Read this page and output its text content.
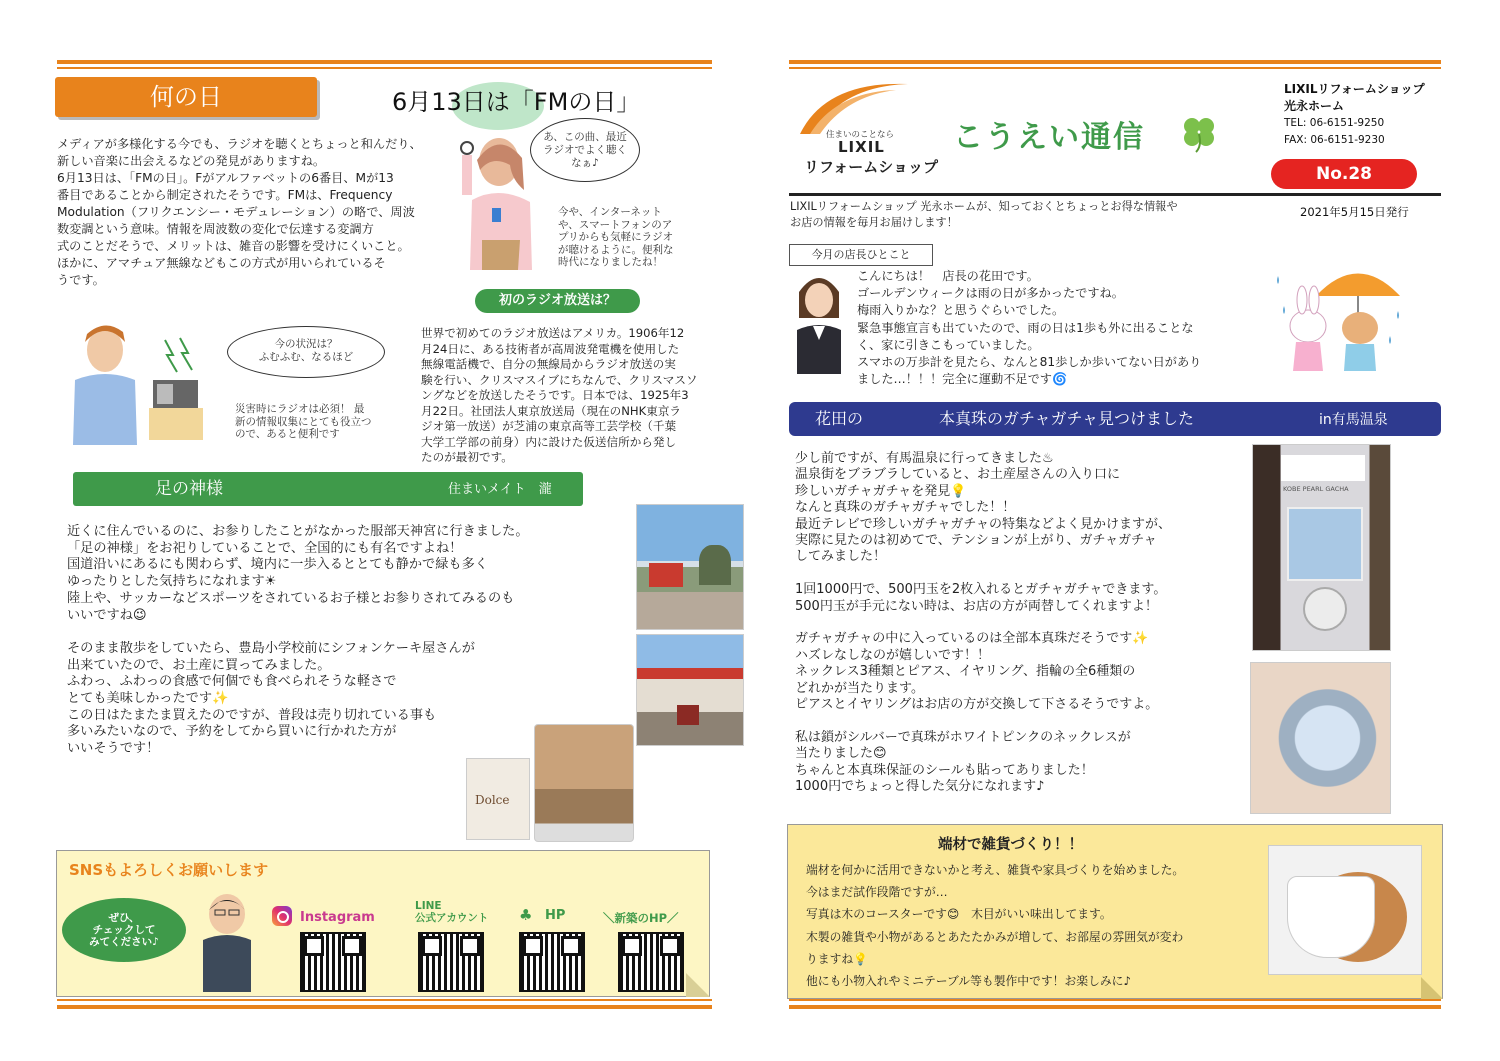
何の日	6月13日は「FMの日」
メディアが多様化する今でも、ラジオを聴くとちょっと和んだり、
新しい音楽に出会えるなどの発見がありますね。
6月13日は、「FMの日」。Fがアルファベットの6番目、Mが13
番目であることから制定されたそうです。FMは、Frequency
Modulation（フリクエンシー・モデュレーション）の略で、周波
数変調という意味。情報を周波数の変化で伝達する変調方
式のことだそうで、メリットは、雑音の影響を受けにくいこと。
ほかに、アマチュア無線などもこの方式が用いられているそ
うです。
あ、この曲、最近
ラジオでよく聴く
なぁ♪
今や、インターネット
や、スマートフォンのア
プリからも気軽にラジオ
が聴けるように。便利な
時代になりましたね！
初のラジオ放送は？
今の状況は？
ふむふむ、なるほど
災害時にラジオは必須！ 最
新の情報収集にとても役立つ
ので、あると便利です
世界で初めてのラジオ放送はアメリカ。1906年12
月24日に、ある技術者が高周波発電機を使用した
無線電話機で、自分の無線局からラジオ放送の実
験を行い、クリスマスイブにちなんで、クリスマスソ
ングなどを放送したそうです。日本では、1925年3
月22日。社団法人東京放送局（現在のNHK東京ラ
ジオ第一放送）が芝浦の東京高等工芸学校（千葉
大学工学部の前身）内に設けた仮送信所から発し
たのが最初です。
足の神様	住まいメイト　瀧
近くに住んでいるのに、お参りしたことがなかった服部天神宮に行きました。
「足の神様」をお祀りしていることで、全国的にも有名ですよね！
国道沿いにあるにも関わらず、境内に一歩入るととても静かで緑も多く
ゆったりとした気持ちになれます☀
陸上や、サッカーなどスポーツをされているお子様とお参りされてみるのも
いいですね😉

そのまま散歩をしていたら、豊島小学校前にシフォンケーキ屋さんが
出来ていたので、お土産に買ってみました。
ふわっ、ふわっの食感で何個でも食べられそうな軽さで
とても美味しかったです✨
この日はたまたま買えたのですが、普段は売り切れている事も
多いみたいなので、予約をしてから買いに行かれた方が
いいそうです！
Dolce
SNSもよろしくお願いします
ぜひ、
チェックして
みてください♪
Instagram
LINE
公式アカウント ♣ HP	＼新築のHP／
住まいのことなら
LIXIL
リフォームショップ
こうえい通信
LIXILリフォームショップ
光永ホーム
TEL: 06-6151-9250
FAX: 06-6151-9230
No.28
LIXILリフォームショップ 光永ホームが、知っておくとちょっとお得な情報や
お店の情報を毎月お届けします！
2021年5月15日発行
今月の店長ひとこと
こんにちは！　店長の花田です。
ゴールデンウィークは雨の日が多かったですね。
梅雨入りかな？と思うぐらいでした。
緊急事態宣言も出ていたので、雨の日は1歩も外に出ることな
く、家に引きこもっていました。
スマホの万歩計を見たら、なんと81歩しか歩いてない日があり
ました…！！！完全に運動不足です🌀
花田の	本真珠のガチャガチャ見つけました	in有馬温泉
少し前ですが、有馬温泉に行ってきました♨
温泉街をブラブラしていると、お土産屋さんの入り口に
珍しいガチャガチャを発見💡
なんと真珠のガチャガチャでした！！
最近テレビで珍しいガチャガチャの特集などよく見かけますが、
実際に見たのは初めてで、テンションが上がり、ガチャガチャ
してみました！

1回1000円で、500円玉を2枚入れるとガチャガチャできます。
500円玉が手元にない時は、お店の方が両替してくれますよ！

ガチャガチャの中に入っているのは全部本真珠だそうです✨
ハズレなしなのが嬉しいです！！
ネックレス3種類とピアス、イヤリング、指輪の全6種類の
どれかが当たります。
ピアスとイヤリングはお店の方が交換して下さるそうですよ。

私は鎖がシルバーで真珠がホワイトピンクのネックレスが
当たりました😊
ちゃんと本真珠保証のシールも貼ってありました！
1000円でちょっと得した気分になれます♪
KOBE PEARL GACHA
端材で雑貨づくり！！
端材を何かに活用できないかと考え、雑貨や家具づくりを始めました。
今はまだ試作段階ですが…
写真は木のコースターです😊　木目がいい味出してます。
木製の雑貨や小物があるとあたたかみが増して、お部屋の雰囲気が変わ
りますね💡
他にも小物入れやミニテーブル等も製作中です！お楽しみに♪
